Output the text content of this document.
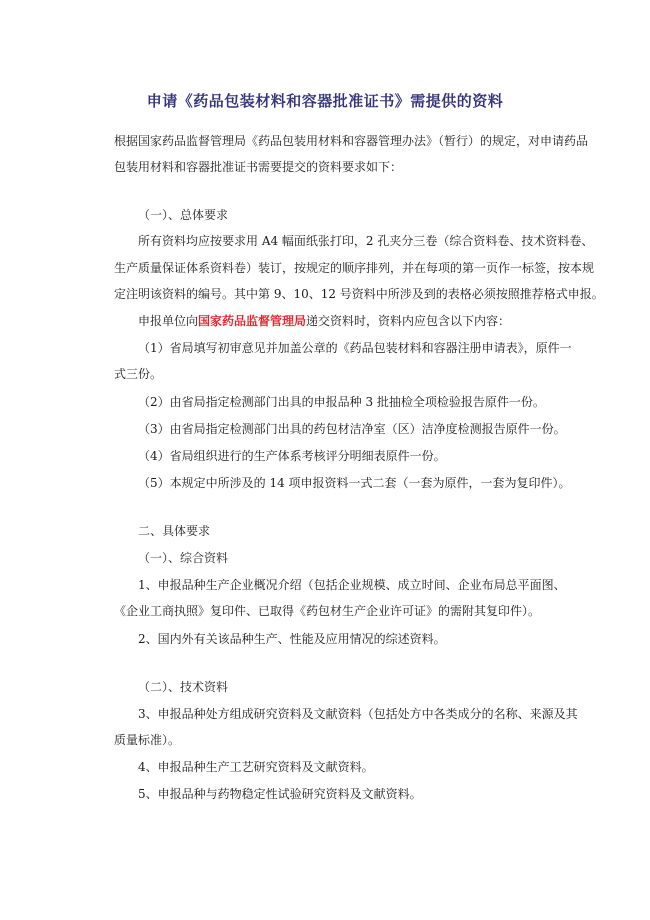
申请《药品包装材料和容器批准证书》需提供的资料
根据国家药品监督管理局《药品包装用材料和容器管理办法》（暂行）的规定，对申请药品
包装用材料和容器批准证书需要提交的资料要求如下：
（一）、总体要求
所有资料均应按要求用 A4 幅面纸张打印，2 孔夹分三卷（综合资料卷、技术资料卷、
生产质量保证体系资料卷）装订，按规定的顺序排列，并在每项的第一页作一标签，按本规
定注明该资料的编号。其中第 9、10、12 号资料中所涉及到的表格必须按照推荐格式申报。
申报单位向国家药品监督管理局递交资料时，资料内应包含以下内容：
（1）省局填写初审意见并加盖公章的《药品包装材料和容器注册申请表》，原件一
式三份。
（2）由省局指定检测部门出具的申报品种 3 批抽检全项检验报告原件一份。
（3）由省局指定检测部门出具的药包材洁净室（区）洁净度检测报告原件一份。
（4）省局组织进行的生产体系考核评分明细表原件一份。
（5）本规定中所涉及的 14 项申报资料一式二套（一套为原件，一套为复印件）。
二、具体要求
（一）、综合资料
1、申报品种生产企业概况介绍（包括企业规模、成立时间、企业布局总平面图、
《企业工商执照》复印件、已取得《药包材生产企业许可证》的需附其复印件）。
2、国内外有关该品种生产、性能及应用情况的综述资料。
（二）、技术资料
3、申报品种处方组成研究资料及文献资料（包括处方中各类成分的名称、来源及其
质量标准）。
4、申报品种生产工艺研究资料及文献资料。
5、申报品种与药物稳定性试验研究资料及文献资料。
